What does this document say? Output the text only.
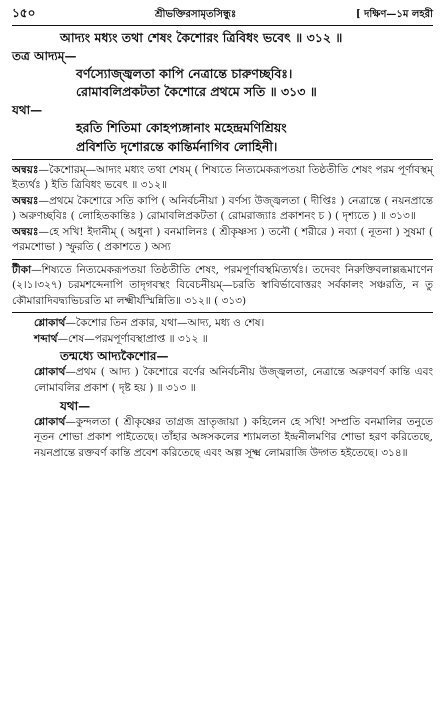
১৫০	শ্রীভক্তিরসামৃতসিন্ধুঃ	[ দক্ষিণ—১ম লহরী
আদ্যং মধ্যং তথা শেষং কৈশোরং ত্রিবিধং ভবেৎ ॥ ৩১২ ॥
তত্র আদ্যম্—
বর্ণস্যোজ্জ্বলতা কাপি নেত্রান্তে চারুণচ্ছবিঃ।
রোমাবলিপ্রকটতা কৈশোরে প্রথমে সতি ॥ ৩১৩ ॥
যথা—
হরতি শিতিমা কোহপ্যঙ্গানাং মহেন্দ্রমণিশ্রিয়ং
প্রবিশতি দৃশোরন্তে কান্তির্মনাগিব লোহিনী।

অন্বয়ঃ—কৈশোরম্—আদ্যং মধ্যং তথা শেষম্ ( শিষ্যতে নিত্যমেকরূপতয়া তিষ্ঠতীতি শেষং পরম পূর্ণাবস্থম্ ইত্যর্থঃ ) ইতি ত্রিবিধং ভবেৎ ॥ ৩১২॥

অন্বয়ঃ—প্রথমে কৈশোরে সতি কাপি ( অনির্বচনীয়া ) বর্ণস্য উজ্জ্বলতা ( দীপ্তিঃ ) নেত্রান্তে ( নয়নপ্রান্তে ) অরুণচ্ছবিঃ ( লোহিতকান্তিঃ ) রোমাবলিপ্রকটতা ( রোমরাজ্যাঃ প্রকাশনং চ ) ( দৃশ্যতে ) ॥ ৩১৩॥

অন্বয়ঃ—হে সখি! ইদানীম্ ( অধুনা ) বনমালিনঃ ( শ্রীকৃষ্ণস্য ) তনৌ ( শরীরে ) নব্যা ( নূতনা ) সুষমা ( পরমশোভা ) স্ফুরতি ( প্রকাশতে ) অস্য

টীকা—শিষ্যতে নিত্যমেকরূপতয়া তিষ্ঠতীতি শেষং, পরমপূর্ণাবস্থমিত্যর্থঃ। তদেবং নিরুক্তিবলাল্লব্ধমাণেন (২।১।৩২৭) চরমশব্দেনাপি তাদৃগবস্থং বিবেচনীয়ম্—চরতি স্বাবির্ভাবোত্তরং সর্বকালং সঞ্চরতি, ন তু কৌমারাদিবদ্ব্যভিচরতি মা লক্ষ্মীর্যস্মিন্নিতি॥ ৩১২॥ ( ৩১৩)

শ্লোকার্থ—কৈশোর তিন প্রকার, যথা—আদ্য, মধ্য ও শেষ।

শব্দার্থ—শেষ—পরমপূর্ণাবস্থাপ্রাপ্ত ॥ ৩১২ ॥

তন্মধ্যে আদ্যকৈশোর—

শ্লোকার্থ—প্রথম ( আদ্য ) কৈশোরে বর্ণের অনির্বচনীয় উজ্জ্বলতা, নেত্রান্তে অরুণবর্ণ কান্তি এবং লোমাবলির প্রকাশ ( দৃষ্ট হয় ) ॥ ৩১৩ ॥

যথা—

শ্লোকার্থ—কুন্দলতা ( শ্রীকৃষ্ণের তাগ্রজ ভ্রাতৃজায়া ) কহিলেন হে সখি! সম্প্রতি বনমালির তনুতে নূতন শোভা প্রকাশ পাইতেছে। তাঁহার অঙ্গসকলের শ্যামলতা ইন্দ্রনীলমণির শোভা হরণ করিতেছে, নয়নপ্রান্তে রক্তবর্ণ কান্তি প্রবেশ করিতেছে এবং অল্প সূক্ষ্ম লোমরাজি উদ্গত হইতেছে। ৩১৪॥
